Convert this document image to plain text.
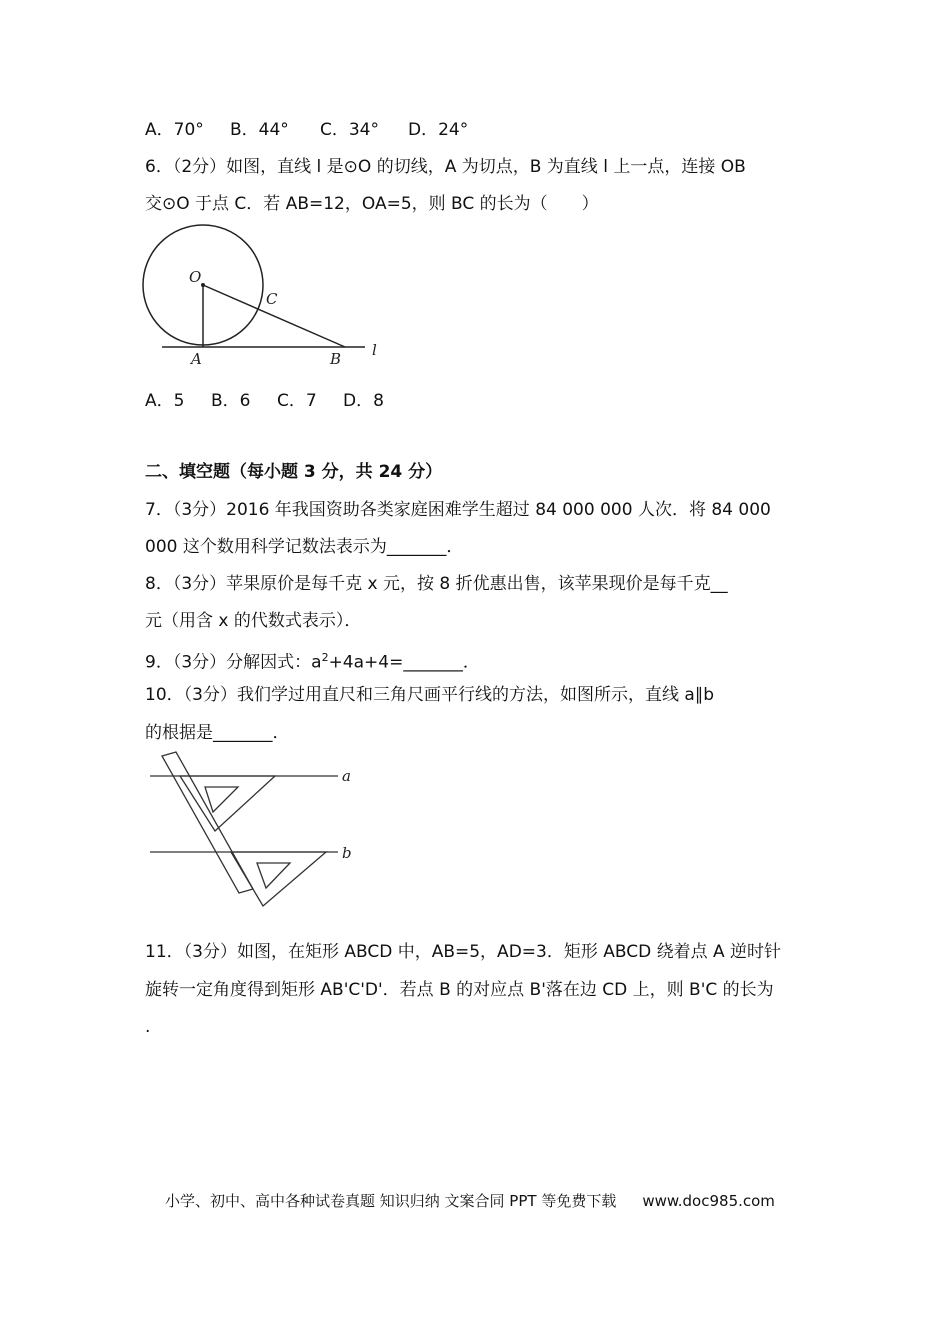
A．70° B．44° C．34° D．24°
6．（2分）如图，直线 l 是⊙O 的切线，A 为切点，B 为直线 l 上一点，连接 OB
交⊙O 于点 C．若 AB=12，OA=5，则 BC 的长为（　　）
O
C
A	B l
A．5 B．6 C．7 D．8
二、填空题（每小题 3 分，共 24 分）
7．（3分）2016 年我国资助各类家庭困难学生超过 84 000 000 人次．将 84 000
000 这个数用科学记数法表示为_______．
8．（3分）苹果原价是每千克 x 元，按 8 折优惠出售，该苹果现价是每千克__
元（用含 x 的代数式表示）．
9．（3分）分解因式：$a^2+4a+4=\_\_\_\_\_\_\_$．
10．（3分）我们学过用直尺和三角尺画平行线的方法，如图所示，直线 a∥b
的根据是_______．
a
b
11．（3分）如图，在矩形 ABCD 中，AB=5，AD=3．矩形 ABCD 绕着点 A 逆时针
旋转一定角度得到矩形 AB'C'D'．若点 B 的对应点 B'落在边 CD 上，则 B'C 的长为
.
小学、初中、高中各种试卷真题 知识归纳 文案合同 PPT 等免费下载 www.doc985.com
